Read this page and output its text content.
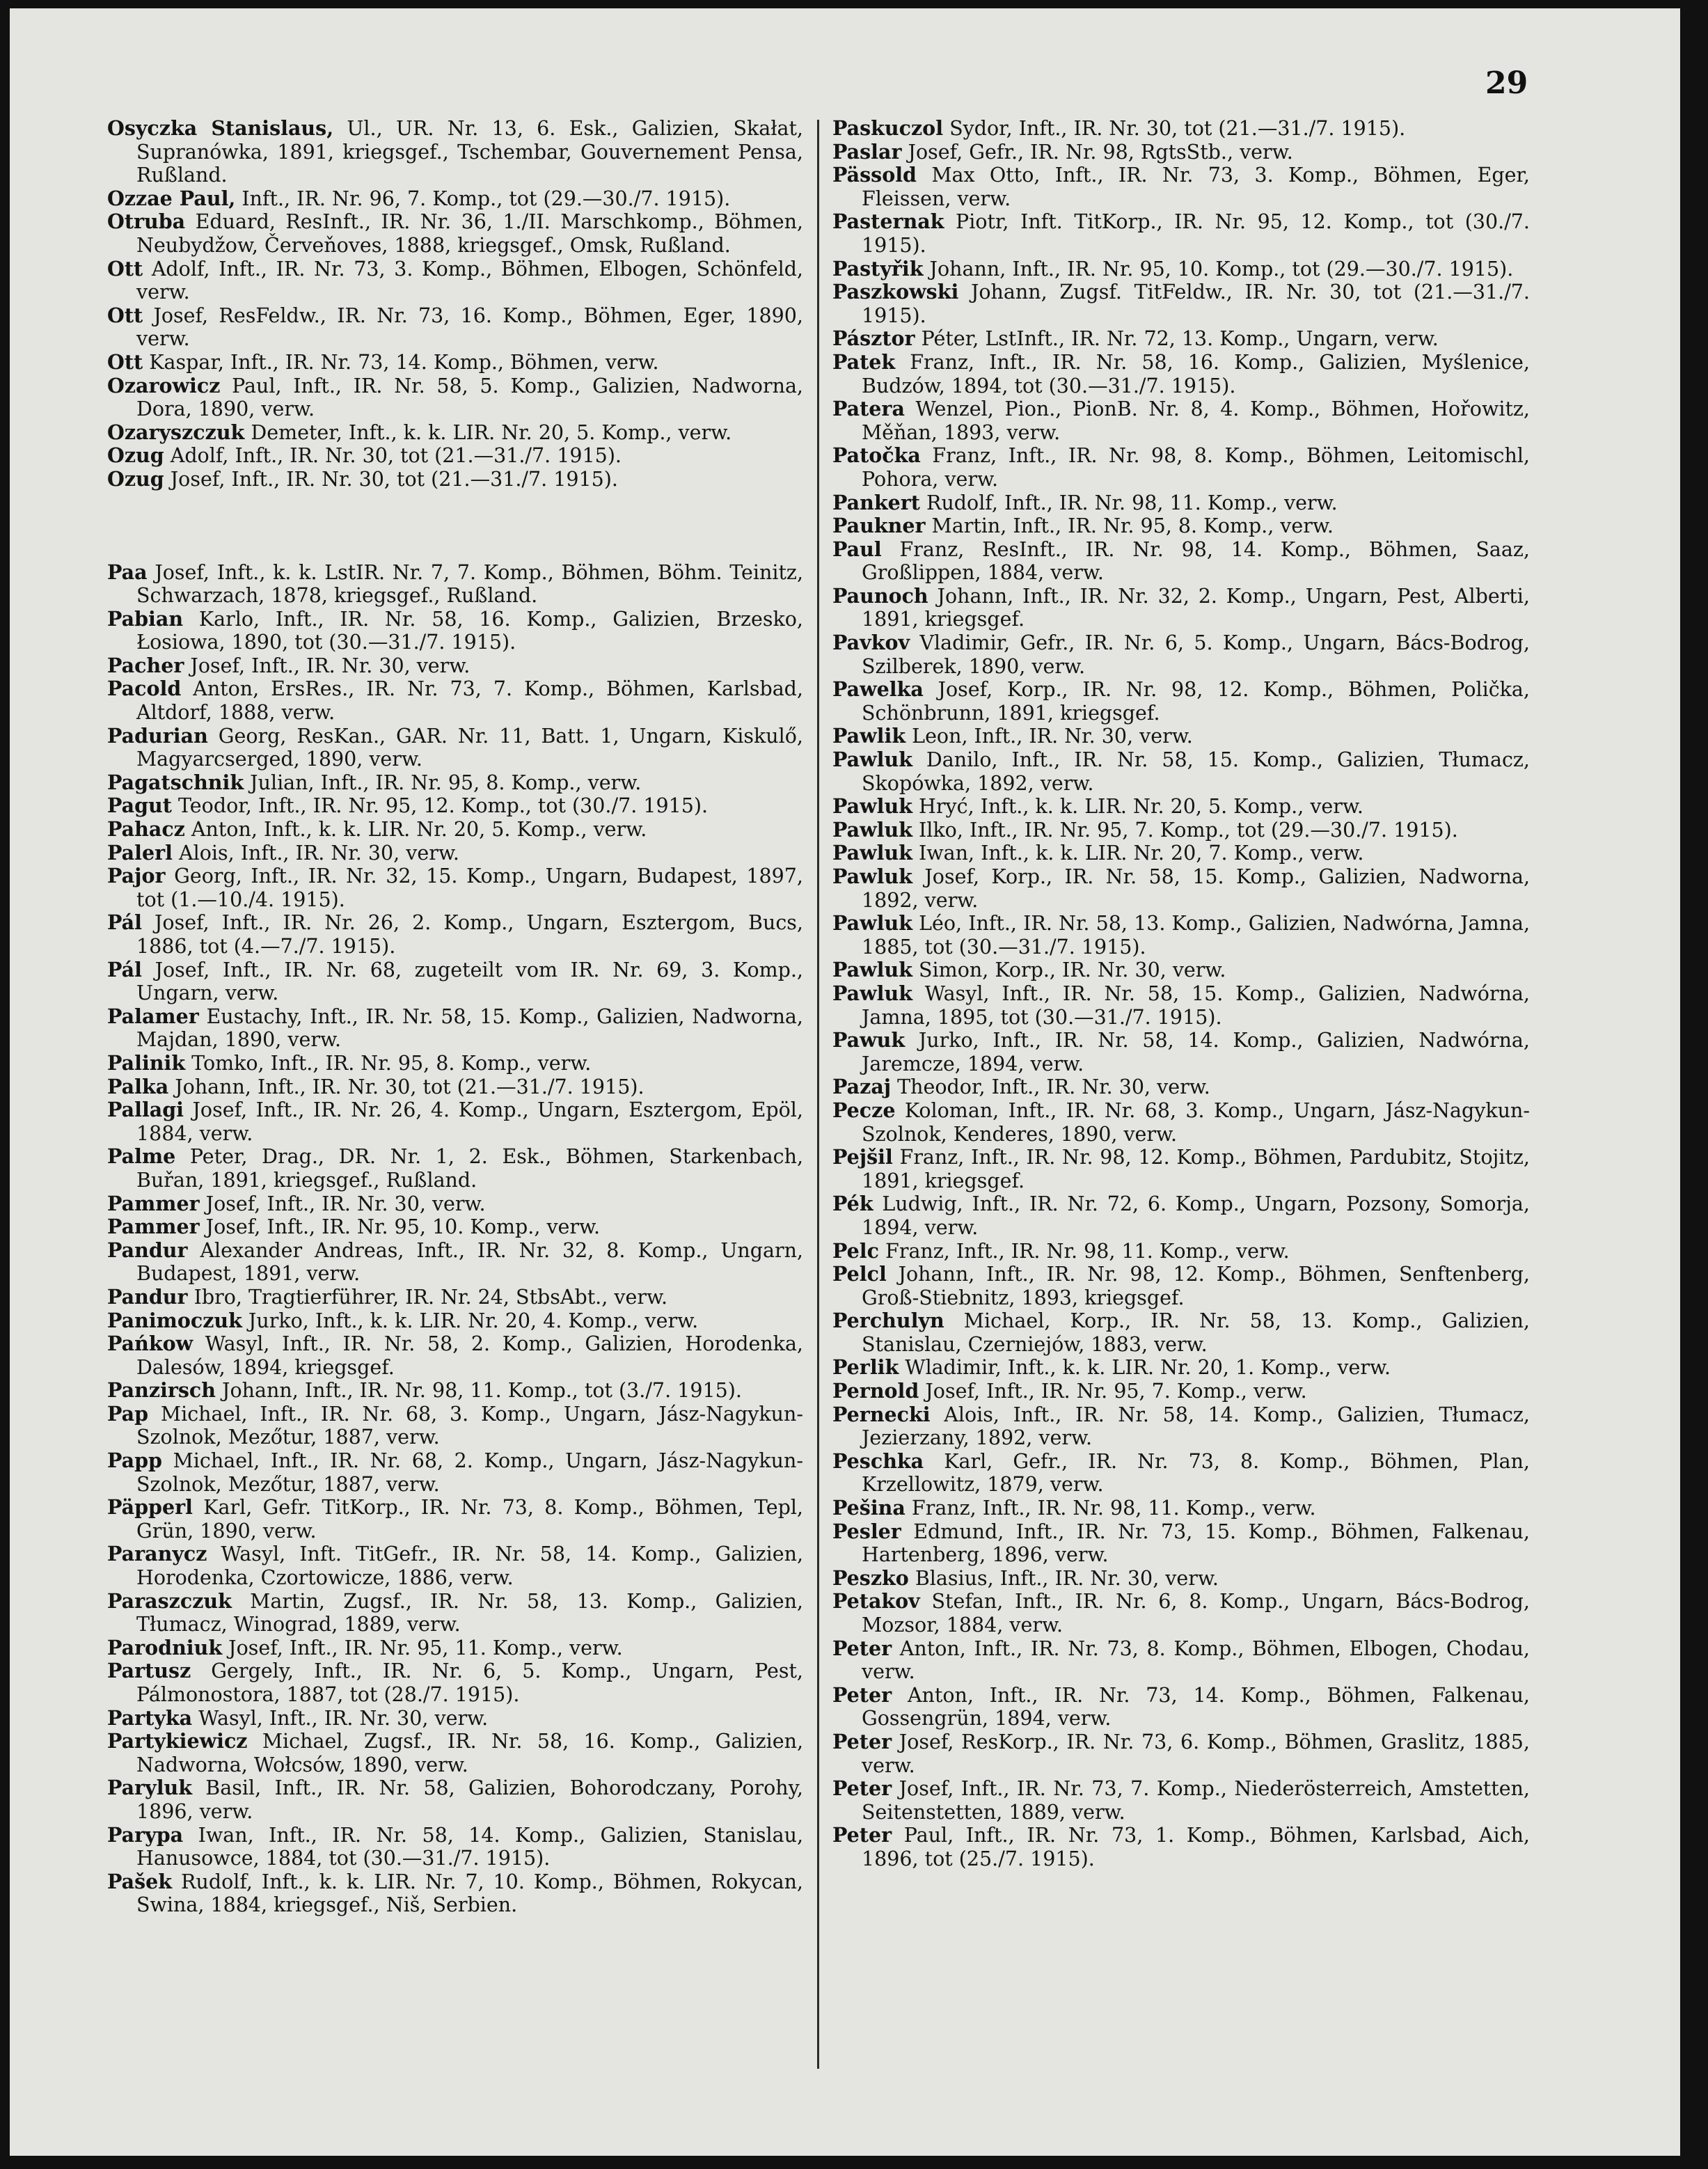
29

Osyczka Stanislaus, Ul., UR. Nr. 13, 6. Esk., Galizien, Skałat, Supranówka, 1891, kriegsgef., Tschembar, Gouvernement Pensa, Rußland.

Ozzae Paul, Inft., IR. Nr. 96, 7. Komp., tot (29.—30./7. 1915).

Otruba Eduard, ResInft., IR. Nr. 36, 1./II. Marschkomp., Böhmen, Neubydžow, Červeňoves, 1888, kriegsgef., Omsk, Rußland.

Ott Adolf, Inft., IR. Nr. 73, 3. Komp., Böhmen, Elbogen, Schönfeld, verw.

Ott Josef, ResFeldw., IR. Nr. 73, 16. Komp., Böhmen, Eger, 1890, verw.

Ott Kaspar, Inft., IR. Nr. 73, 14. Komp., Böhmen, verw.

Ozarowicz Paul, Inft., IR. Nr. 58, 5. Komp., Galizien, Nadworna, Dora, 1890, verw.

Ozaryszczuk Demeter, Inft., k. k. LIR. Nr. 20, 5. Komp., verw.

Ozug Adolf, Inft., IR. Nr. 30, tot (21.—31./7. 1915).

Ozug Josef, Inft., IR. Nr. 30, tot (21.—31./7. 1915).

Paa Josef, Inft., k. k. LstIR. Nr. 7, 7. Komp., Böhmen, Böhm. Teinitz, Schwarzach, 1878, kriegsgef., Rußland.

Pabian Karlo, Inft., IR. Nr. 58, 16. Komp., Galizien, Brzesko, Łosiowa, 1890, tot (30.—31./7. 1915).

Pacher Josef, Inft., IR. Nr. 30, verw.

Pacold Anton, ErsRes., IR. Nr. 73, 7. Komp., Böhmen, Karlsbad, Altdorf, 1888, verw.

Padurian Georg, ResKan., GAR. Nr. 11, Batt. 1, Ungarn, Kiskulő, Magyarcserged, 1890, verw.

Pagatschnik Julian, Inft., IR. Nr. 95, 8. Komp., verw.

Pagut Teodor, Inft., IR. Nr. 95, 12. Komp., tot (30./7. 1915).

Pahacz Anton, Inft., k. k. LIR. Nr. 20, 5. Komp., verw.

Palerl Alois, Inft., IR. Nr. 30, verw.

Pajor Georg, Inft., IR. Nr. 32, 15. Komp., Ungarn, Budapest, 1897, tot (1.—10./4. 1915).

Pál Josef, Inft., IR. Nr. 26, 2. Komp., Ungarn, Esztergom, Bucs, 1886, tot (4.—7./7. 1915).

Pál Josef, Inft., IR. Nr. 68, zugeteilt vom IR. Nr. 69, 3. Komp., Ungarn, verw.

Palamer Eustachy, Inft., IR. Nr. 58, 15. Komp., Galizien, Nadworna, Majdan, 1890, verw.

Palinik Tomko, Inft., IR. Nr. 95, 8. Komp., verw.

Palka Johann, Inft., IR. Nr. 30, tot (21.—31./7. 1915).

Pallagi Josef, Inft., IR. Nr. 26, 4. Komp., Ungarn, Esztergom, Epöl, 1884, verw.

Palme Peter, Drag., DR. Nr. 1, 2. Esk., Böhmen, Starkenbach, Buřan, 1891, kriegsgef., Rußland.

Pammer Josef, Inft., IR. Nr. 30, verw.

Pammer Josef, Inft., IR. Nr. 95, 10. Komp., verw.

Pandur Alexander Andreas, Inft., IR. Nr. 32, 8. Komp., Ungarn, Budapest, 1891, verw.

Pandur Ibro, Tragtierführer, IR. Nr. 24, StbsAbt., verw.

Panimoczuk Jurko, Inft., k. k. LIR. Nr. 20, 4. Komp., verw.

Pańkow Wasyl, Inft., IR. Nr. 58, 2. Komp., Galizien, Horodenka, Dalesów, 1894, kriegsgef.

Panzirsch Johann, Inft., IR. Nr. 98, 11. Komp., tot (3./7. 1915).

Pap Michael, Inft., IR. Nr. 68, 3. Komp., Ungarn, Jász-Nagykun-Szolnok, Mezőtur, 1887, verw.

Papp Michael, Inft., IR. Nr. 68, 2. Komp., Ungarn, Jász-Nagykun-Szolnok, Mezőtur, 1887, verw.

Päpperl Karl, Gefr. TitKorp., IR. Nr. 73, 8. Komp., Böhmen, Tepl, Grün, 1890, verw.

Paranycz Wasyl, Inft. TitGefr., IR. Nr. 58, 14. Komp., Galizien, Horodenka, Czortowicze, 1886, verw.

Paraszczuk Martin, Zugsf., IR. Nr. 58, 13. Komp., Galizien, Tłumacz, Winograd, 1889, verw.

Parodniuk Josef, Inft., IR. Nr. 95, 11. Komp., verw.

Partusz Gergely, Inft., IR. Nr. 6, 5. Komp., Ungarn, Pest, Pálmonostora, 1887, tot (28./7. 1915).

Partyka Wasyl, Inft., IR. Nr. 30, verw.

Partykiewicz Michael, Zugsf., IR. Nr. 58, 16. Komp., Galizien, Nadworna, Wołcsów, 1890, verw.

Paryluk Basil, Inft., IR. Nr. 58, Galizien, Bohorodczany, Porohy, 1896, verw.

Parypa Iwan, Inft., IR. Nr. 58, 14. Komp., Galizien, Stanislau, Hanusowce, 1884, tot (30.—31./7. 1915).

Pašek Rudolf, Inft., k. k. LIR. Nr. 7, 10. Komp., Böhmen, Rokycan, Swina, 1884, kriegsgef., Niš, Serbien.

Paskuczol Sydor, Inft., IR. Nr. 30, tot (21.—31./7. 1915).

Paslar Josef, Gefr., IR. Nr. 98, RgtsStb., verw.

Pässold Max Otto, Inft., IR. Nr. 73, 3. Komp., Böhmen, Eger, Fleissen, verw.

Pasternak Piotr, Inft. TitKorp., IR. Nr. 95, 12. Komp., tot (30./7. 1915).

Pastyřik Johann, Inft., IR. Nr. 95, 10. Komp., tot (29.—30./7. 1915).

Paszkowski Johann, Zugsf. TitFeldw., IR. Nr. 30, tot (21.—31./7. 1915).

Pásztor Péter, LstInft., IR. Nr. 72, 13. Komp., Ungarn, verw.

Patek Franz, Inft., IR. Nr. 58, 16. Komp., Galizien, Myślenice, Budzów, 1894, tot (30.—31./7. 1915).

Patera Wenzel, Pion., PionB. Nr. 8, 4. Komp., Böhmen, Hořowitz, Měňan, 1893, verw.

Patočka Franz, Inft., IR. Nr. 98, 8. Komp., Böhmen, Leitomischl, Pohora, verw.

Pankert Rudolf, Inft., IR. Nr. 98, 11. Komp., verw.

Paukner Martin, Inft., IR. Nr. 95, 8. Komp., verw.

Paul Franz, ResInft., IR. Nr. 98, 14. Komp., Böhmen, Saaz, Großlippen, 1884, verw.

Paunoch Johann, Inft., IR. Nr. 32, 2. Komp., Ungarn, Pest, Alberti, 1891, kriegsgef.

Pavkov Vladimir, Gefr., IR. Nr. 6, 5. Komp., Ungarn, Bács-Bodrog, Szilberek, 1890, verw.

Pawelka Josef, Korp., IR. Nr. 98, 12. Komp., Böhmen, Polička, Schönbrunn, 1891, kriegsgef.

Pawlik Leon, Inft., IR. Nr. 30, verw.

Pawluk Danilo, Inft., IR. Nr. 58, 15. Komp., Galizien, Tłumacz, Skopówka, 1892, verw.

Pawluk Hryć, Inft., k. k. LIR. Nr. 20, 5. Komp., verw.

Pawluk Ilko, Inft., IR. Nr. 95, 7. Komp., tot (29.—30./7. 1915).

Pawluk Iwan, Inft., k. k. LIR. Nr. 20, 7. Komp., verw.

Pawluk Josef, Korp., IR. Nr. 58, 15. Komp., Galizien, Nadworna, 1892, verw.

Pawluk Léo, Inft., IR. Nr. 58, 13. Komp., Galizien, Nadwórna, Jamna, 1885, tot (30.—31./7. 1915).

Pawluk Simon, Korp., IR. Nr. 30, verw.

Pawluk Wasyl, Inft., IR. Nr. 58, 15. Komp., Galizien, Nadwórna, Jamna, 1895, tot (30.—31./7. 1915).

Pawuk Jurko, Inft., IR. Nr. 58, 14. Komp., Galizien, Nadwórna, Jaremcze, 1894, verw.

Pazaj Theodor, Inft., IR. Nr. 30, verw.

Pecze Koloman, Inft., IR. Nr. 68, 3. Komp., Ungarn, Jász-Nagykun-Szolnok, Kenderes, 1890, verw.

Pejšil Franz, Inft., IR. Nr. 98, 12. Komp., Böhmen, Pardubitz, Stojitz, 1891, kriegsgef.

Pék Ludwig, Inft., IR. Nr. 72, 6. Komp., Ungarn, Pozsony, Somorja, 1894, verw.

Pelc Franz, Inft., IR. Nr. 98, 11. Komp., verw.

Pelcl Johann, Inft., IR. Nr. 98, 12. Komp., Böhmen, Senftenberg, Groß-Stiebnitz, 1893, kriegsgef.

Perchulyn Michael, Korp., IR. Nr. 58, 13. Komp., Galizien, Stanislau, Czerniejów, 1883, verw.

Perlik Wladimir, Inft., k. k. LIR. Nr. 20, 1. Komp., verw.

Pernold Josef, Inft., IR. Nr. 95, 7. Komp., verw.

Pernecki Alois, Inft., IR. Nr. 58, 14. Komp., Galizien, Tłumacz, Jezierzany, 1892, verw.

Peschka Karl, Gefr., IR. Nr. 73, 8. Komp., Böhmen, Plan, Krzellowitz, 1879, verw.

Pešina Franz, Inft., IR. Nr. 98, 11. Komp., verw.

Pesler Edmund, Inft., IR. Nr. 73, 15. Komp., Böhmen, Falkenau, Hartenberg, 1896, verw.

Peszko Blasius, Inft., IR. Nr. 30, verw.

Petakov Stefan, Inft., IR. Nr. 6, 8. Komp., Ungarn, Bács-Bodrog, Mozsor, 1884, verw.

Peter Anton, Inft., IR. Nr. 73, 8. Komp., Böhmen, Elbogen, Chodau, verw.

Peter Anton, Inft., IR. Nr. 73, 14. Komp., Böhmen, Falkenau, Gossengrün, 1894, verw.

Peter Josef, ResKorp., IR. Nr. 73, 6. Komp., Böhmen, Graslitz, 1885, verw.

Peter Josef, Inft., IR. Nr. 73, 7. Komp., Niederösterreich, Amstetten, Seitenstetten, 1889, verw.

Peter Paul, Inft., IR. Nr. 73, 1. Komp., Böhmen, Karlsbad, Aich, 1896, tot (25./7. 1915).
